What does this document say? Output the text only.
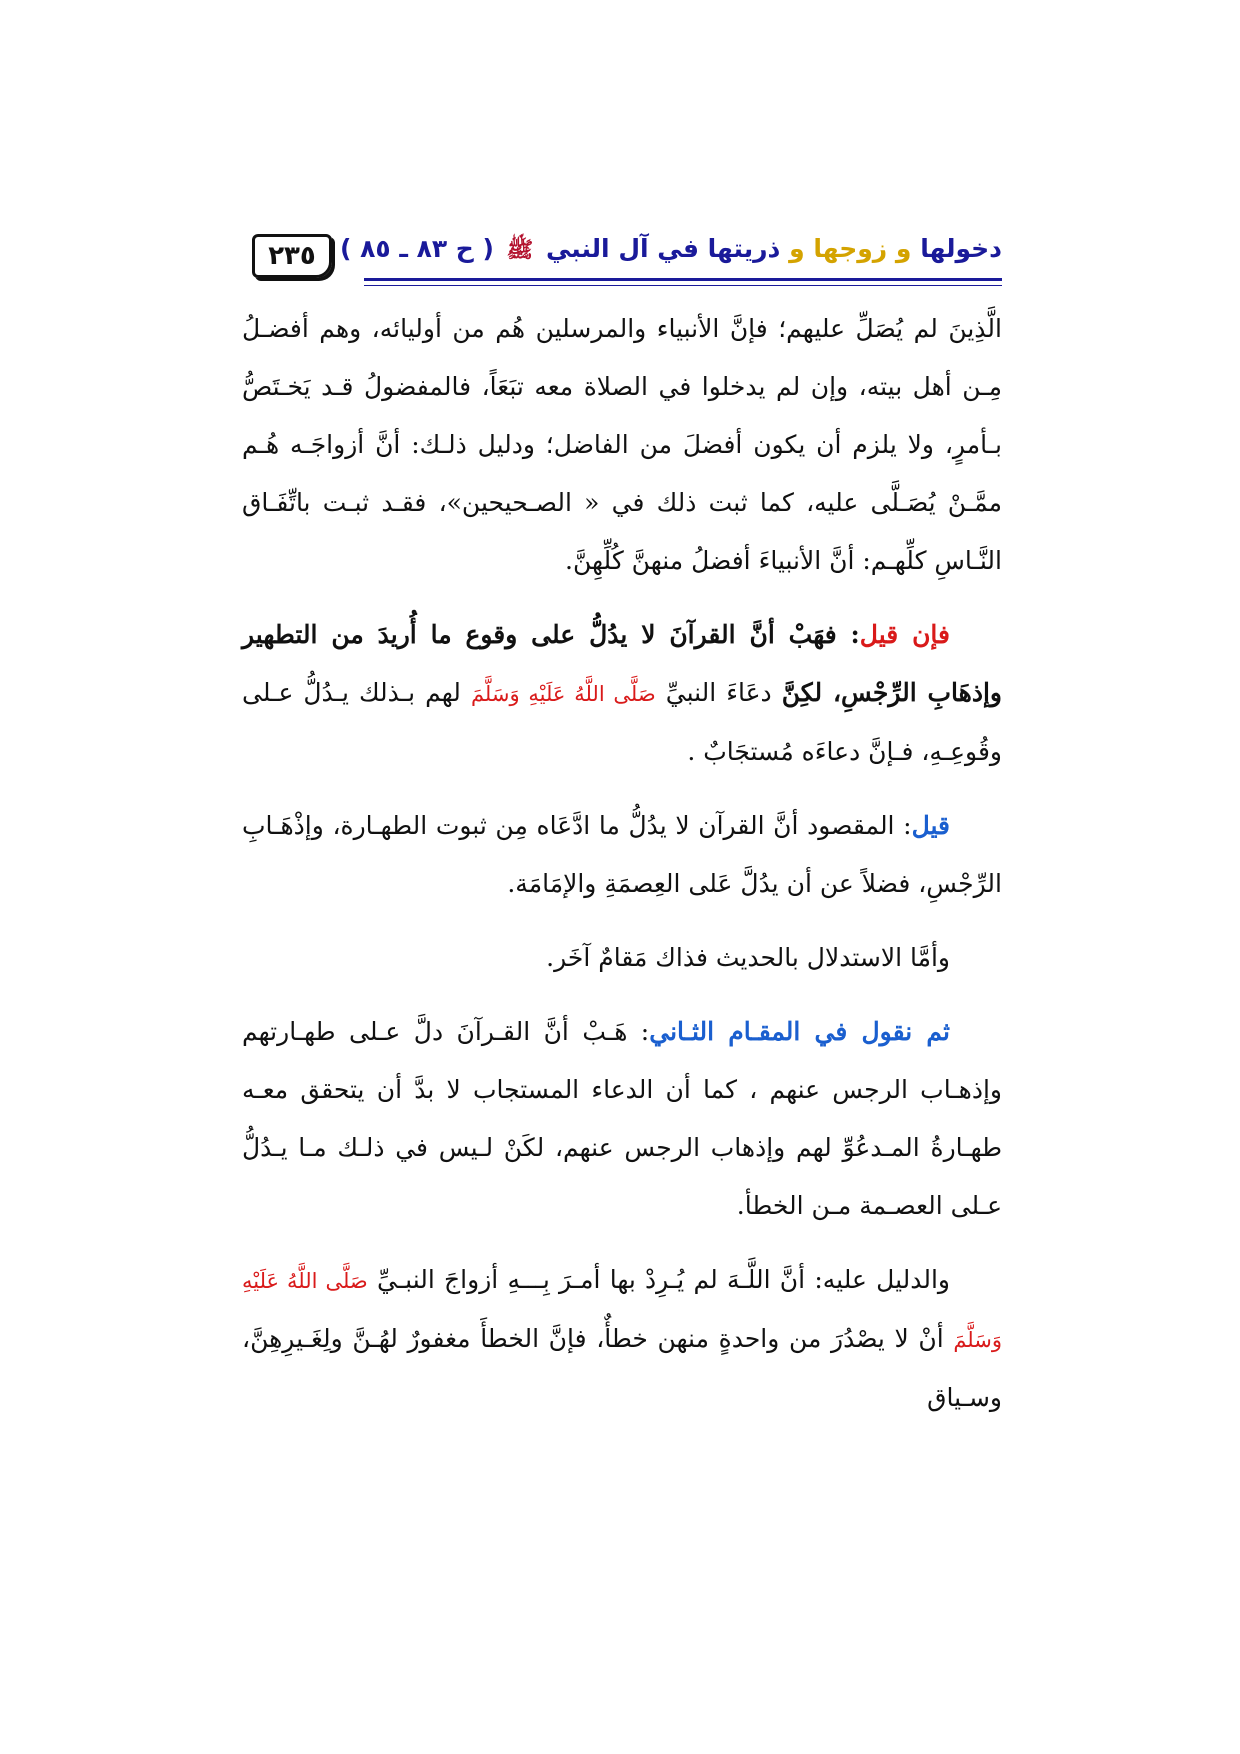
٢٣٥	دخولها و زوجها و ذريتها في آل النبي ﷺ ( ح ٨٣ ـ ٨٥ )

الَّذِينَ لم يُصَلِّ عليهم؛ فإنَّ الأنبياء والمرسلين هُم من أوليائه، وهم أفضـلُ مِـن أهل بيته، وإن لم يدخلوا في الصلاة معه تبَعَاً، فالمفضولُ قـد يَخـتَصُّ بـأمرٍ، ولا يلزم أن يكون أفضلَ من الفاضل؛ ودليل ذلـك: أنَّ أزواجَـه هُـم ممَّـنْ يُصَـلَّى عليه، كما ثبت ذلك في « الصـحيحين»، فقـد ثبـت باتِّفَـاق النَّـاسِ كلِّهـم: أنَّ الأنبياءَ أفضلُ منهنَّ كُلِّهِنَّ.

فإن قيل: فهَبْ أنَّ القرآنَ لا يدُلُّ على وقوع ما أُريدَ من التطهير وإذهَابِ الرِّجْسِ، لكِنَّ دعَاءَ النبيِّ صَلَّى اللَّهُ عَلَيْهِ وَسَلَّمَ لهم بـذلك يـدُلُّ عـلى وقُوعِـهِ، فـإنَّ دعاءَه مُستجَابٌ .

قيل: المقصود أنَّ القرآن لا يدُلُّ ما ادَّعَاه مِن ثبوت الطهـارة، وإذْهَـابِ الرِّجْسِ، فضلاً عن أن يدُلَّ عَلى العِصمَةِ والإمَامَة.

وأمَّا الاستدلال بالحديث فذاك مَقامٌ آخَر.

ثم نقول في المقـام الثـاني: هَـبْ أنَّ القـرآنَ دلَّ عـلى طهـارتهم وإذهـاب الرجس عنهم ، كما أن الدعاء المستجاب لا بدَّ أن يتحقق معـه طهـارةُ المـدعُوِّ لهم وإذهاب الرجس عنهم، لكَنْ لـيس في ذلـك مـا يـدُلُّ عـلى العصـمة مـن الخطأ.

والدليل عليه: أنَّ اللَّـهَ لم يُـرِدْ بها أمـرَ بِـــهِ أزواجَ النبـيِّ صَلَّى اللَّهُ عَلَيْهِ وَسَلَّمَ أنْ لا يصْدُرَ من واحدةٍ منهن خطأٌ، فإنَّ الخطأَ مغفورٌ لهُـنَّ ولِغَـيرِهِنَّ، وسـياق
